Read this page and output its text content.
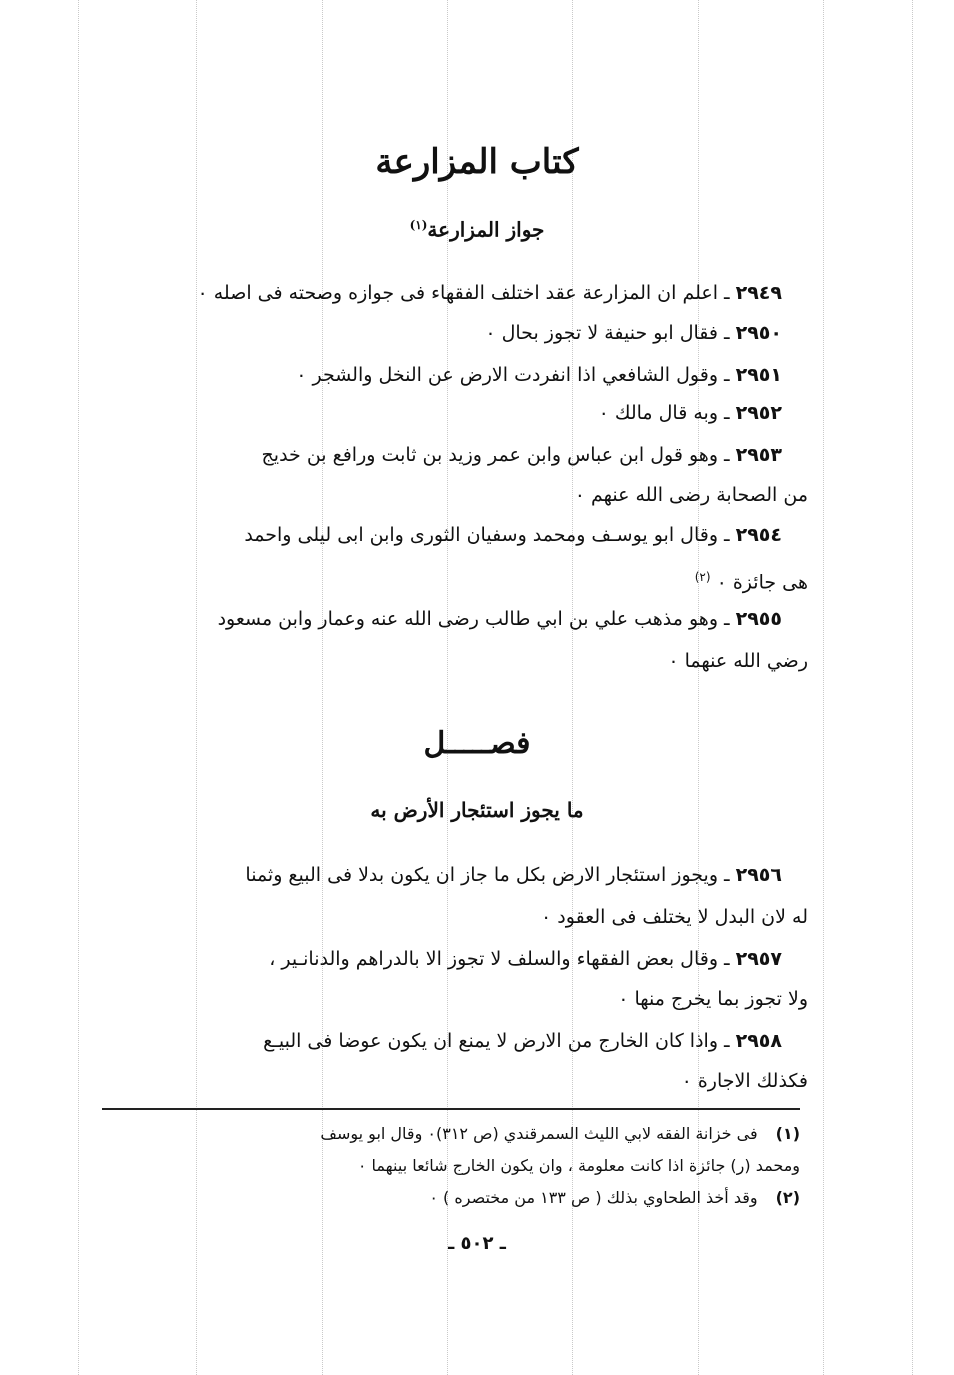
كتاب المزارعة
جواز المزارعة$^{(١)}$
٢٩٤٩ـ اعلم ان المزارعة عقد اختلف الفقهاء فى جوازه وصحته فى اصله ٠
٢٩٥٠ـ فقال ابو حنيفة لا تجوز بحال ٠
٢٩٥١ـ وقول الشافعي اذا انفردت الارض عن النخل والشجر ٠
٢٩٥٢ـ وبه قال مالك ٠
٢٩٥٣ـ وهو قول ابن عباس وابن عمر وزيد بن ثابت ورافع بن خديج
من الصحابة رضى الله عنهم ٠
٢٩٥٤ـ وقال ابو يوسـف ومحمد وسفيان الثورى وابن ابى ليلى واحمد
هى جائزة ٠ $^{(٢)}$
٢٩٥٥ـ وهو مذهب علي بن ابي طالب رضى الله عنه وعمار وابن مسعود
رضي الله عنهما ٠
فصـــــل
ما يجوز استئجار الأرض به
٢٩٥٦ـ ويجوز استئجار الارض بكل ما جاز ان يكون بدلا فى البيع وثمنا
له لان البدل لا يختلف فى العقود ٠
٢٩٥٧ـ وقال بعض الفقهاء والسلف لا تجوز الا بالدراهم والدنانـير ،
ولا تجوز بما يخرج منها ٠
٢٩٥٨ـ واذا كان الخارج من الارض لا يمنع ان يكون عوضا فى البيـع
فكذلك الاجارة ٠
(١)فى خزانة الفقه لابي الليث السمرقندي (ص ٣١٢)٠ وقال ابو يوسف
ومحمد (ر) جائزة اذا كانت معلومة ، وان يكون الخارج شائعا بينهما ٠
(٢)وقد أخذ الطحاوي بذلك ( ص ١٣٣ من مختصره ) ٠
ـ ٥٠٢ ـ
